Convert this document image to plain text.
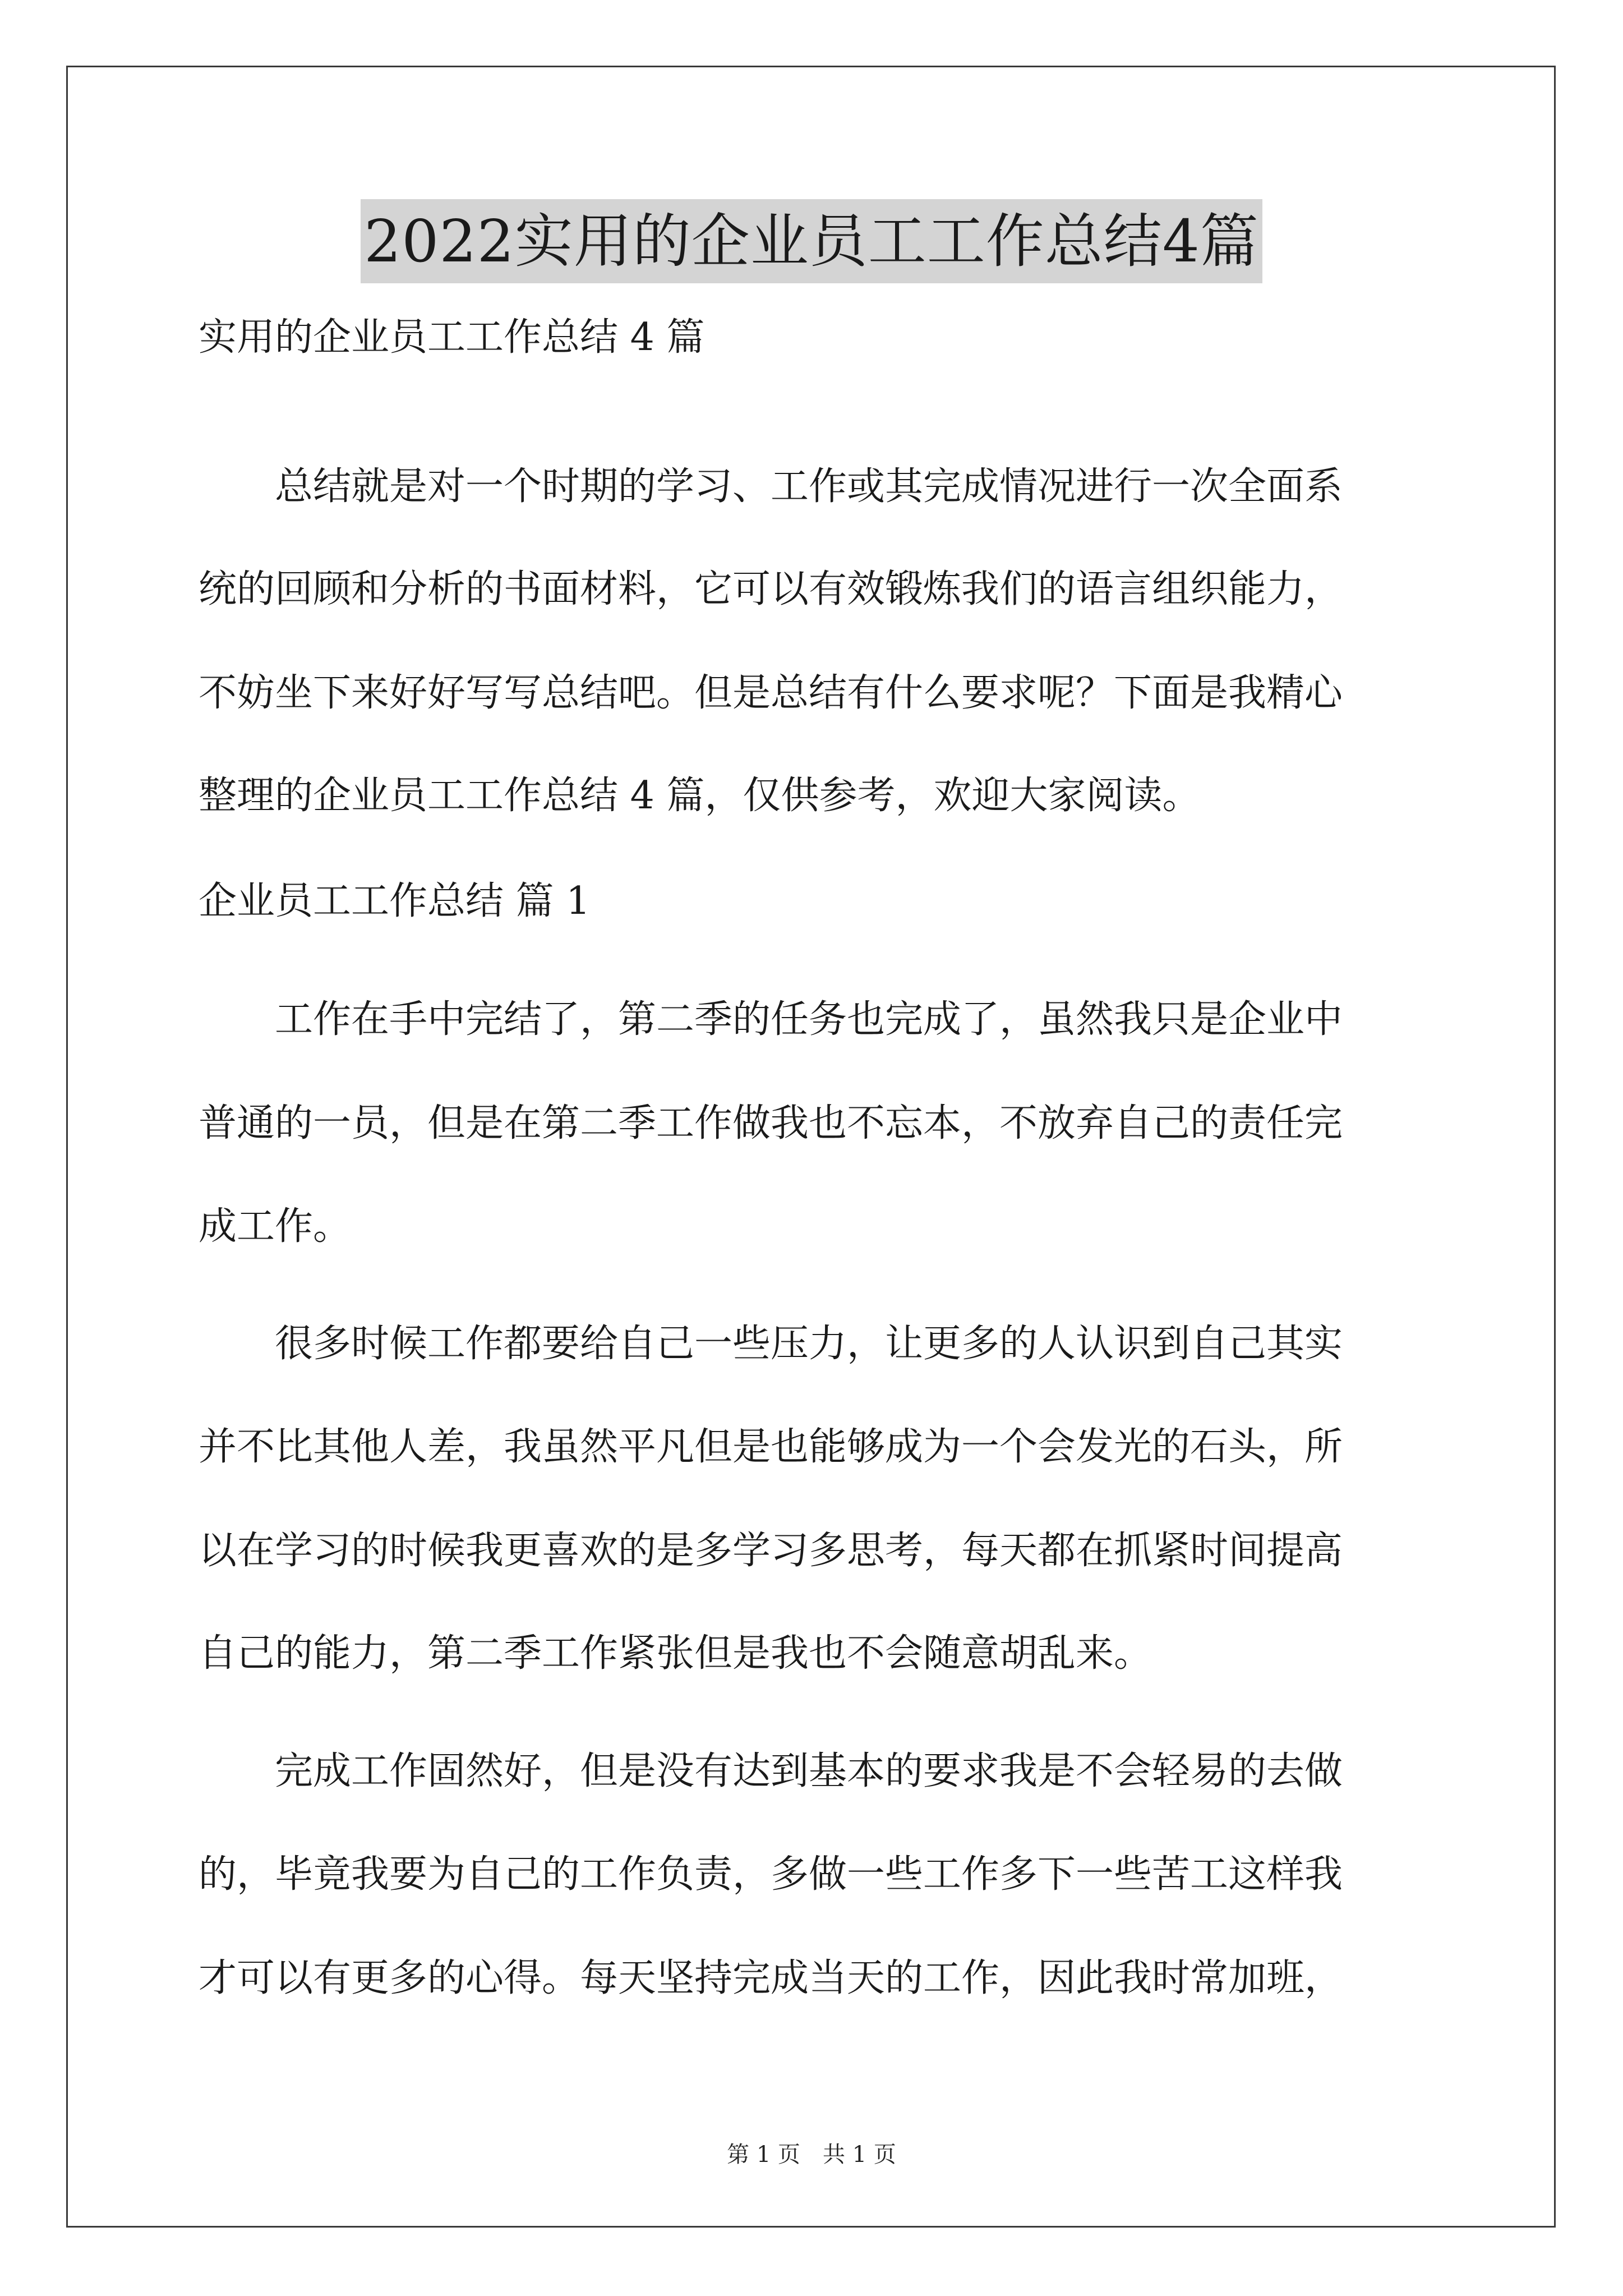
2022实用的企业员工工作总结4篇

实用的企业员工工作总结 4 篇

　　总结就是对一个时期的学习、工作或其完成情况进行一次全面系

统的回顾和分析的书面材料，它可以有效锻炼我们的语言组织能力，

不妨坐下来好好写写总结吧。但是总结有什么要求呢？下面是我精心

整理的企业员工工作总结 4 篇，仅供参考，欢迎大家阅读。

企业员工工作总结 篇 1

　　工作在手中完结了，第二季的任务也完成了，虽然我只是企业中

普通的一员，但是在第二季工作做我也不忘本，不放弃自己的责任完

成工作。

　　很多时候工作都要给自己一些压力，让更多的人认识到自己其实

并不比其他人差，我虽然平凡但是也能够成为一个会发光的石头，所

以在学习的时候我更喜欢的是多学习多思考，每天都在抓紧时间提高

自己的能力，第二季工作紧张但是我也不会随意胡乱来。

　　完成工作固然好，但是没有达到基本的要求我是不会轻易的去做

的，毕竟我要为自己的工作负责，多做一些工作多下一些苦工这样我

才可以有更多的心得。每天坚持完成当天的工作，因此我时常加班，

第 1 页　共 1 页
